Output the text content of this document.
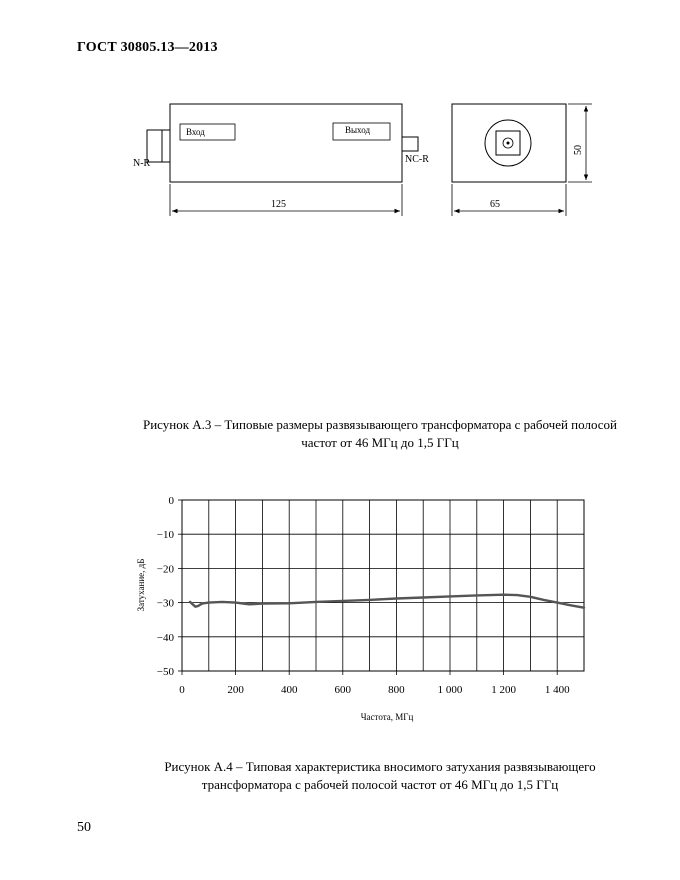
ГОСТ 30805.13—2013
Вход	Выход
N-R	NC-R
125	65
50
Рисунок А.3 – Типовые размеры развязывающего трансформатора с рабочей полосой
частот от 46 МГц до 1,5 ГГц
0
−10
−20
−30
−40
−50
0	200	400	600	800	1 000	1 200	1 400
Частота, МГц
Затухание, дБ
Рисунок А.4 – Типовая характеристика вносимого затухания развязывающего
трансформатора с рабочей полосой частот от 46 МГц до 1,5 ГГц
50
